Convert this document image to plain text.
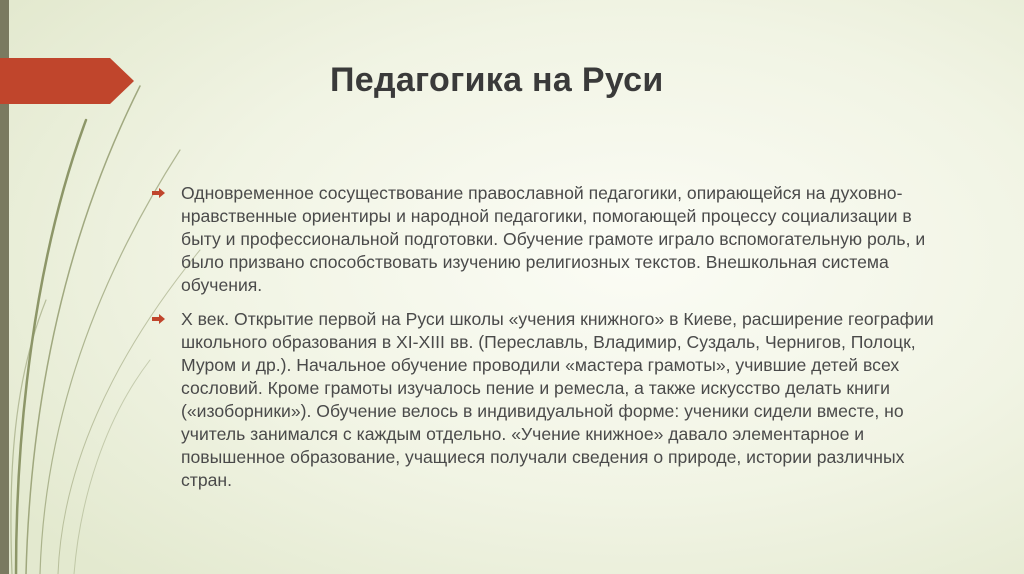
Педагогика на Руси
Одновременное сосуществование православной педагогики, опирающейся на духовно-нравственные ориентиры и народной педагогики, помогающей процессу социализации в быту и профессиональной подготовки. Обучение грамоте играло вспомогательную роль, и было призвано способствовать изучению религиозных текстов. Внешкольная система обучения.
X век. Открытие первой на Руси школы «учения книжного» в Киеве, расширение географии школьного образования в XI-XIII вв. (Переславль, Владимир, Суздаль, Чернигов, Полоцк, Муром и др.). Начальное обучение проводили «мастера грамоты», учившие детей всех сословий. Кроме грамоты изучалось пение и ремесла, а также искусство делать книги («изоборники»). Обучение велось в индивидуальной форме: ученики сидели вместе, но учитель занимался с каждым отдельно. «Учение книжное» давало элементарное и повышенное образование, учащиеся получали сведения о природе, истории различных стран.
